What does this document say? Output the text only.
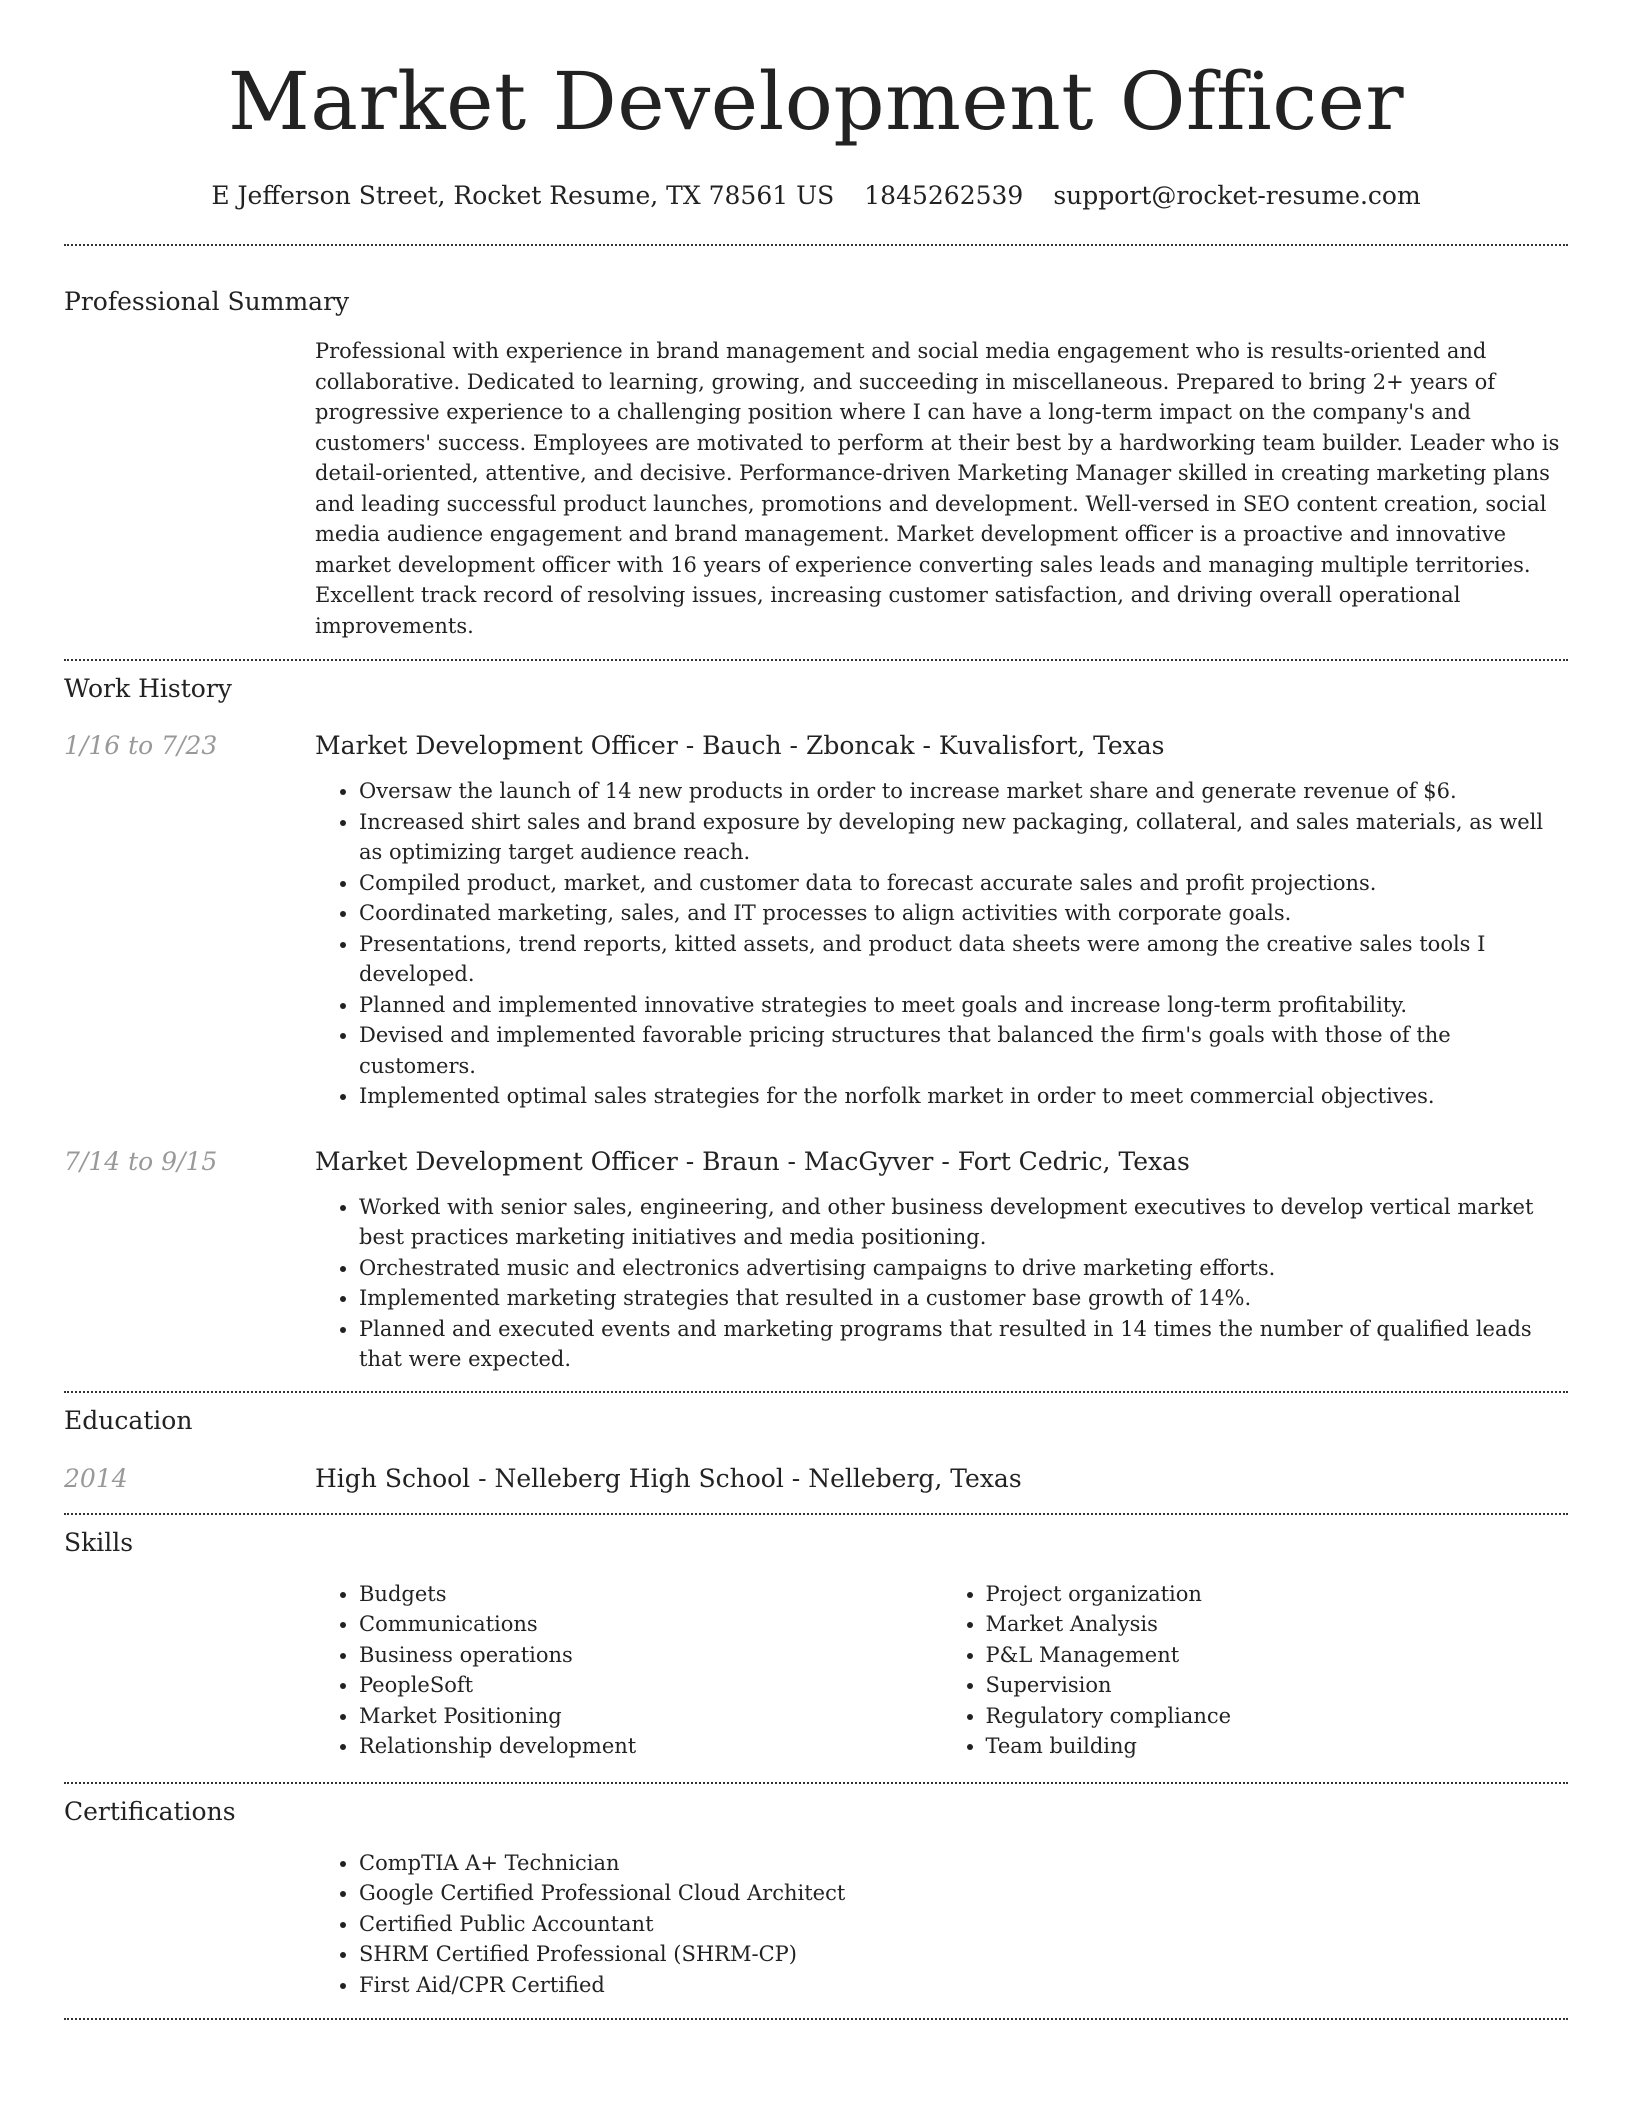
Market Development Officer
E Jefferson Street, Rocket Resume, TX 78561 US 1845262539 support@rocket-resume.com
Professional Summary
Professional with experience in brand management and social media engagement who is results-oriented and collaborative. Dedicated to learning, growing, and succeeding in miscellaneous. Prepared to bring 2+ years of progressive experience to a challenging position where I can have a long-term impact on the company's and customers' success. Employees are motivated to perform at their best by a hardworking team builder. Leader who is detail-oriented, attentive, and decisive. Performance-driven Marketing Manager skilled in creating marketing plans and leading successful product launches, promotions and development. Well-versed in SEO content creation, social media audience engagement and brand management. Market development officer is a proactive and innovative market development officer with 16 years of experience converting sales leads and managing multiple territories. Excellent track record of resolving issues, increasing customer satisfaction, and driving overall operational improvements.
Work History
1/16 to 7/23	Market Development Officer - Bauch - Zboncak - Kuvalisfort, Texas
• Oversaw the launch of 14 new products in order to increase market share and generate revenue of $6.
• Increased shirt sales and brand exposure by developing new packaging, collateral, and sales materials, as well as optimizing target audience reach.
• Compiled product, market, and customer data to forecast accurate sales and profit projections.
• Coordinated marketing, sales, and IT processes to align activities with corporate goals.
• Presentations, trend reports, kitted assets, and product data sheets were among the creative sales tools I developed.
• Planned and implemented innovative strategies to meet goals and increase long-term profitability.
• Devised and implemented favorable pricing structures that balanced the firm's goals with those of the customers.
• Implemented optimal sales strategies for the norfolk market in order to meet commercial objectives.
7/14 to 9/15	Market Development Officer - Braun - MacGyver - Fort Cedric, Texas
• Worked with senior sales, engineering, and other business development executives to develop vertical market best practices marketing initiatives and media positioning.
• Orchestrated music and electronics advertising campaigns to drive marketing efforts.
• Implemented marketing strategies that resulted in a customer base growth of 14%.
• Planned and executed events and marketing programs that resulted in 14 times the number of qualified leads that were expected.
Education
2014	High School - Nelleberg High School - Nelleberg, Texas
Skills
• Budgets
• Communications
• Business operations
• PeopleSoft
• Market Positioning
• Relationship development
• Project organization
• Market Analysis
• P&L Management
• Supervision
• Regulatory compliance
• Team building
Certifications
• CompTIA A+ Technician
• Google Certified Professional Cloud Architect
• Certified Public Accountant
• SHRM Certified Professional (SHRM-CP)
• First Aid/CPR Certified
